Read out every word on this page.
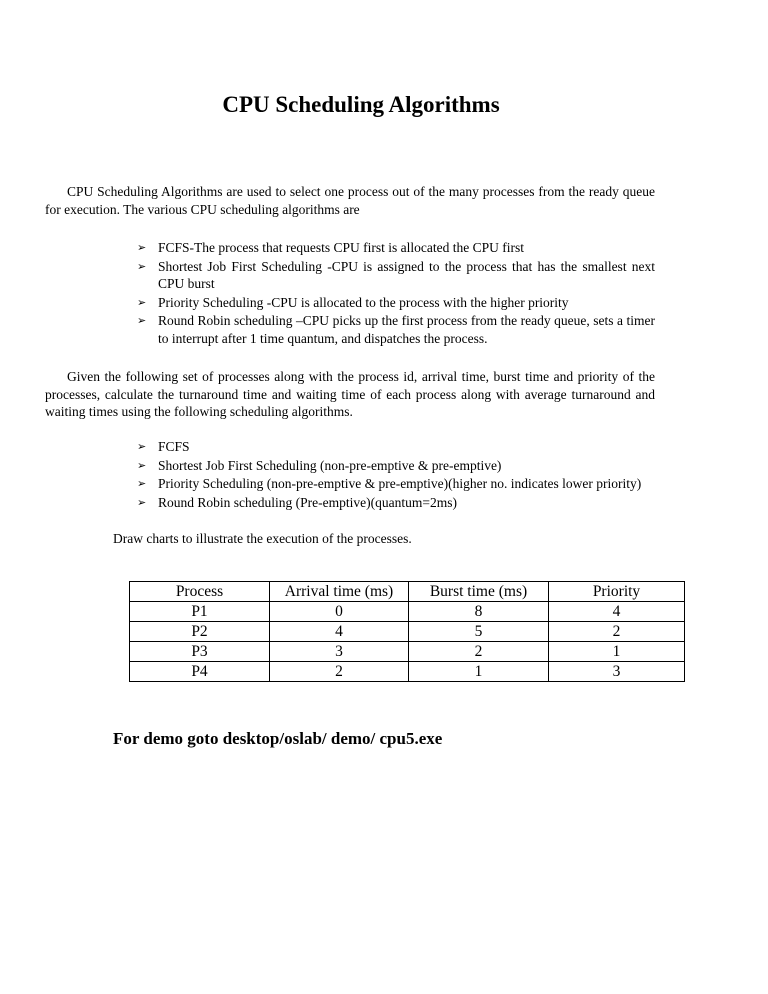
CPU Scheduling Algorithms

CPU Scheduling Algorithms are used to select one process out of the many processes from the ready queue for execution. The various CPU scheduling algorithms are

➢ FCFS-The process that requests CPU first is allocated the CPU first
➢ Shortest Job First Scheduling -CPU is assigned to the process that has the smallest next CPU burst
➢ Priority Scheduling -CPU is allocated to the process with the higher priority
➢ Round Robin scheduling –CPU picks up the first process from the ready queue, sets a timer to interrupt after 1 time quantum, and dispatches the process.

Given the following set of processes along with the process id, arrival time, burst time and priority of the processes, calculate the turnaround time and waiting time of each process along with average turnaround and waiting times using the following scheduling algorithms.

➢ FCFS
➢ Shortest Job First Scheduling (non-pre-emptive & pre-emptive)
➢ Priority Scheduling (non-pre-emptive & pre-emptive)(higher no. indicates lower priority)
➢ Round Robin scheduling (Pre-emptive)(quantum=2ms)

Draw charts to illustrate the execution of the processes.

Process	Arrival time (ms)	Burst time (ms)	Priority
P1	0	8	4
P2	4	5	2
P3	3	2	1
P4	2	1	3

For demo goto desktop/oslab/ demo/ cpu5.exe
